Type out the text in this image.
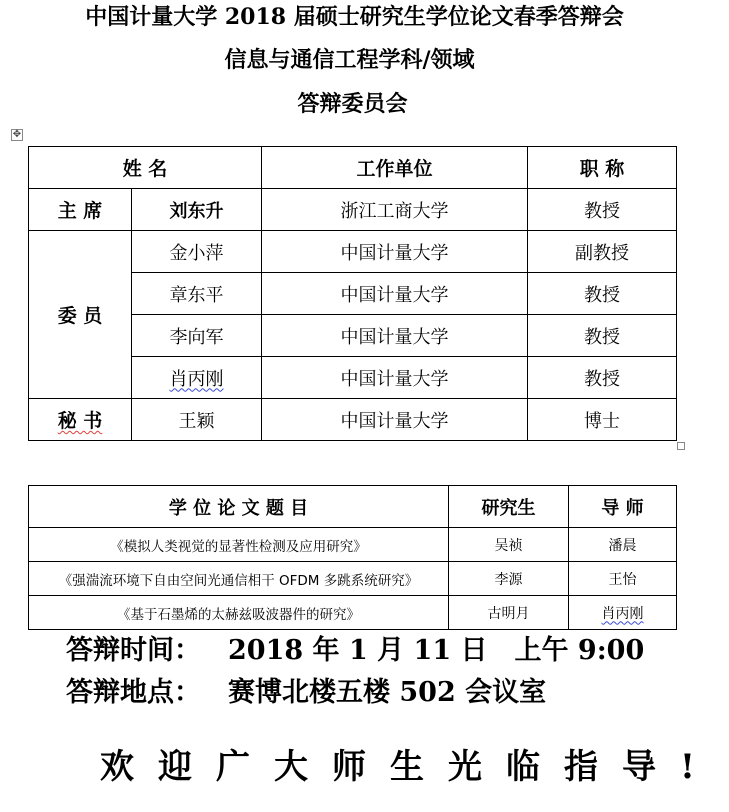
中国计量大学 2018 届硕士研究生学位论文春季答辩会
信息与通信工程学科/领域
答辩委员会
✥
姓 名		工作单位	职 称
主 席	刘东升	浙江工商大学	教授
委 员	金小萍	中国计量大学	副教授
	章东平	中国计量大学	教授
	李向军	中国计量大学	教授
	肖丙刚	中国计量大学	教授
秘 书	王颖	中国计量大学	博士
学 位 论 文 题 目	研究生	导 师
《模拟人类视觉的显著性检测及应用研究》	吴祯	潘晨
《强湍流环境下自由空间光通信相干 OFDM 多跳系统研究》	李源	王怡
《基于石墨烯的太赫兹吸波器件的研究》	古明月	肖丙刚
答辩时间： 2018 年 1 月 11 日　上午 9:00
答辩地点： 赛博北楼五楼 502 会议室
欢迎广大师生光临指导!
